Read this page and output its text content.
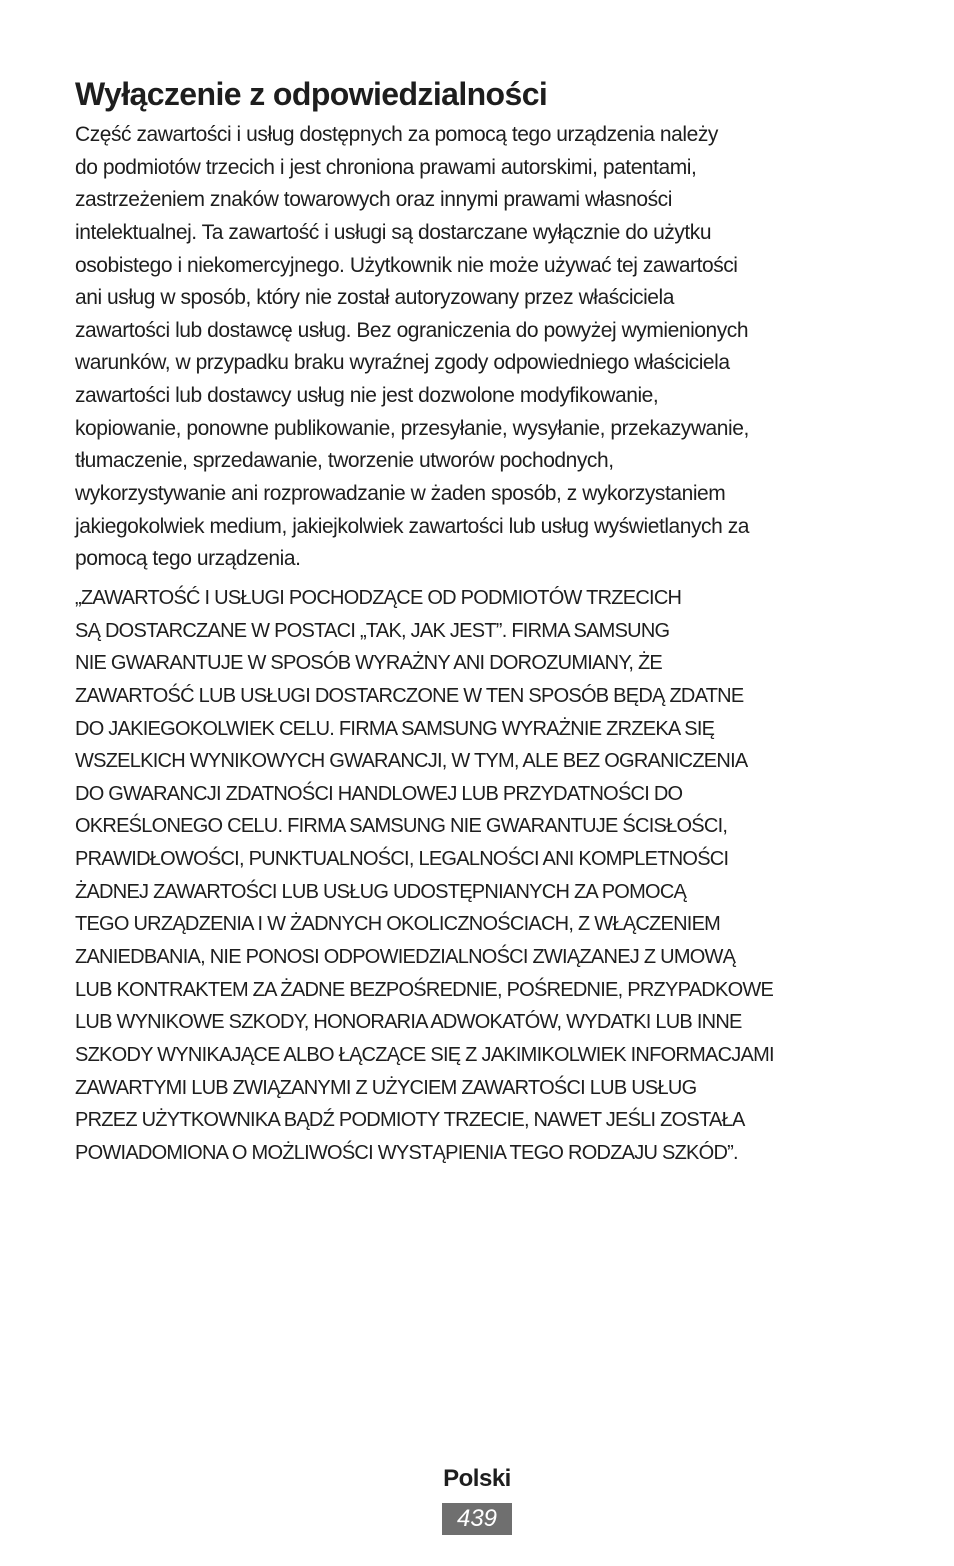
Wyłączenie z odpowiedzialności
Część zawartości i usług dostępnych za pomocą tego urządzenia należy
do podmiotów trzecich i jest chroniona prawami autorskimi, patentami,
zastrzeżeniem znaków towarowych oraz innymi prawami własności
intelektualnej. Ta zawartość i usługi są dostarczane wyłącznie do użytku
osobistego i niekomercyjnego. Użytkownik nie może używać tej zawartości
ani usług w sposób, który nie został autoryzowany przez właściciela
zawartości lub dostawcę usług. Bez ograniczenia do powyżej wymienionych
warunków, w przypadku braku wyraźnej zgody odpowiedniego właściciela
zawartości lub dostawcy usług nie jest dozwolone modyfikowanie,
kopiowanie, ponowne publikowanie, przesyłanie, wysyłanie, przekazywanie,
tłumaczenie, sprzedawanie, tworzenie utworów pochodnych,
wykorzystywanie ani rozprowadzanie w żaden sposób, z wykorzystaniem
jakiegokolwiek medium, jakiejkolwiek zawartości lub usług wyświetlanych za
pomocą tego urządzenia.
„ZAWARTOŚĆ I USŁUGI POCHODZĄCE OD PODMIOTÓW TRZECICH
SĄ DOSTARCZANE W POSTACI „TAK, JAK JEST”. FIRMA SAMSUNG
NIE GWARANTUJE W SPOSÓB WYRAŻNY ANI DOROZUMIANY, ŻE
ZAWARTOŚĆ LUB USŁUGI DOSTARCZONE W TEN SPOSÓB BĘDĄ ZDATNE
DO JAKIEGOKOLWIEK CELU. FIRMA SAMSUNG WYRAŻNIE ZRZEKA SIĘ
WSZELKICH WYNIKOWYCH GWARANCJI, W TYM, ALE BEZ OGRANICZENIA
DO GWARANCJI ZDATNOŚCI HANDLOWEJ LUB PRZYDATNOŚCI DO
OKREŚLONEGO CELU. FIRMA SAMSUNG NIE GWARANTUJE ŚCISŁOŚCI,
PRAWIDŁOWOŚCI, PUNKTUALNOŚCI, LEGALNOŚCI ANI KOMPLETNOŚCI
ŻADNEJ ZAWARTOŚCI LUB USŁUG UDOSTĘPNIANYCH ZA POMOCĄ
TEGO URZĄDZENIA I W ŻADNYCH OKOLICZNOŚCIACH, Z WŁĄCZENIEM
ZANIEDBANIA, NIE PONOSI ODPOWIEDZIALNOŚCI ZWIĄZANEJ Z UMOWĄ
LUB KONTRAKTEM ZA ŻADNE BEZPOŚREDNIE, POŚREDNIE, PRZYPADKOWE
LUB WYNIKOWE SZKODY, HONORARIA ADWOKATÓW, WYDATKI LUB INNE
SZKODY WYNIKAJĄCE ALBO ŁĄCZĄCE SIĘ Z JAKIMIKOLWIEK INFORMACJAMI
ZAWARTYMI LUB ZWIĄZANYMI Z UŻYCIEM ZAWARTOŚCI LUB USŁUG
PRZEZ UŻYTKOWNIKA BĄDŹ PODMIOTY TRZECIE, NAWET JEŚLI ZOSTAŁA
POWIADOMIONA O MOŻLIWOŚCI WYSTĄPIENIA TEGO RODZAJU SZKÓD”.
Polski
439
